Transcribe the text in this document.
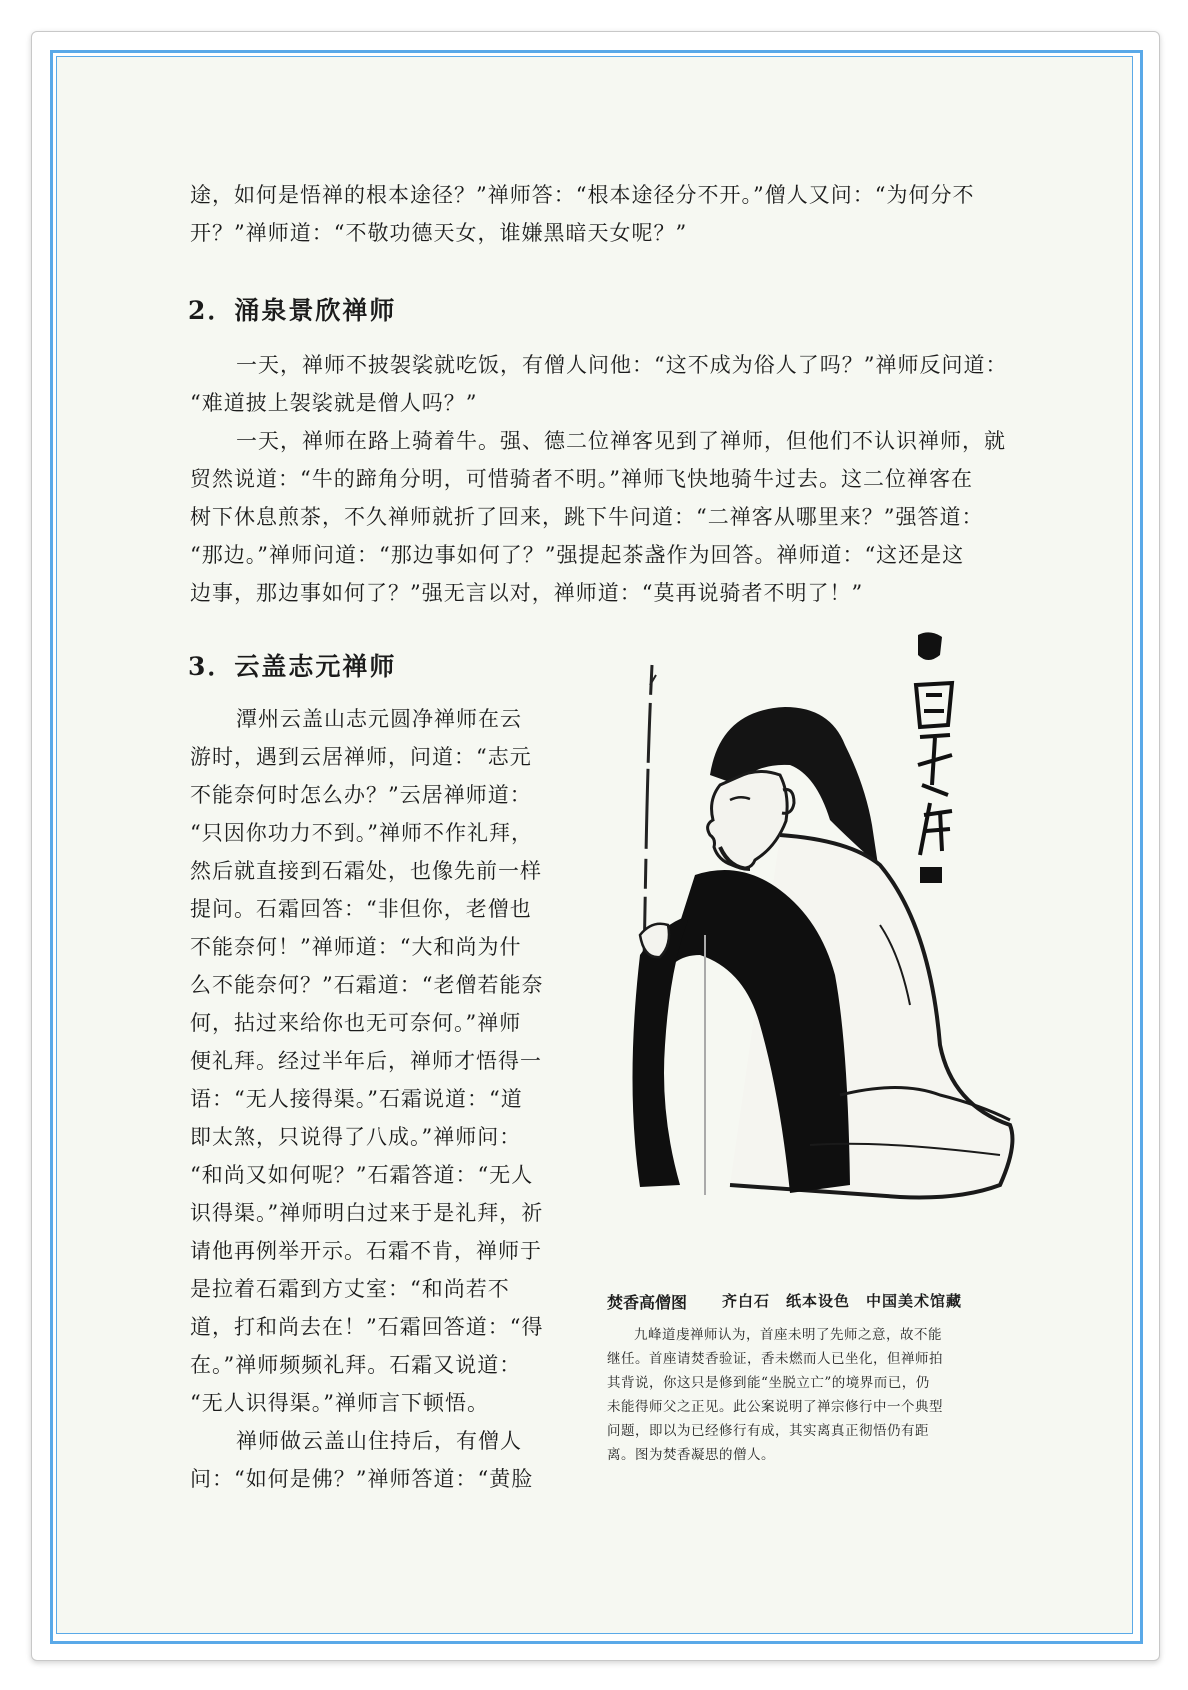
途，如何是悟禅的根本途径？”禅师答：“根本途径分不开。”僧人又问：“为何分不

开？”禅师道：“不敬功德天女，谁嫌黑暗天女呢？”

2．涌泉景欣禅师

一天，禅师不披袈裟就吃饭，有僧人问他：“这不成为俗人了吗？”禅师反问道：

“难道披上袈裟就是僧人吗？”

一天，禅师在路上骑着牛。强、德二位禅客见到了禅师，但他们不认识禅师，就

贸然说道：“牛的蹄角分明，可惜骑者不明。”禅师飞快地骑牛过去。这二位禅客在

树下休息煎茶，不久禅师就折了回来，跳下牛问道：“二禅客从哪里来？”强答道：

“那边。”禅师问道：“那边事如何了？”强提起茶盏作为回答。禅师道：“这还是这

边事，那边事如何了？”强无言以对，禅师道：“莫再说骑者不明了！”

3．云盖志元禅师

潭州云盖山志元圆净禅师在云

游时，遇到云居禅师，问道：“志元

不能奈何时怎么办？”云居禅师道：

“只因你功力不到。”禅师不作礼拜，

然后就直接到石霜处，也像先前一样

提问。石霜回答：“非但你，老僧也

不能奈何！”禅师道：“大和尚为什

么不能奈何？”石霜道：“老僧若能奈

何，拈过来给你也无可奈何。”禅师

便礼拜。经过半年后，禅师才悟得一

语：“无人接得渠。”石霜说道：“道

即太煞，只说得了八成。”禅师问：

“和尚又如何呢？”石霜答道：“无人

识得渠。”禅师明白过来于是礼拜，祈

请他再例举开示。石霜不肯，禅师于

是拉着石霜到方丈室：“和尚若不

道，打和尚去在！”石霜回答道：“得

在。”禅师频频礼拜。石霜又说道：

“无人识得渠。”禅师言下顿悟。

禅师做云盖山住持后，有僧人

问：“如何是佛？”禅师答道：“黄脸

焚香高僧图 齐白石　纸本设色　中国美术馆藏
九峰道虔禅师认为，首座未明了先师之意，故不能
继任。首座请焚香验证，香未燃而人已坐化，但禅师拍
其背说，你这只是修到能“坐脱立亡”的境界而已，仍
未能得师父之正见。此公案说明了禅宗修行中一个典型
问题，即以为已经修行有成，其实离真正彻悟仍有距
离。图为焚香凝思的僧人。
